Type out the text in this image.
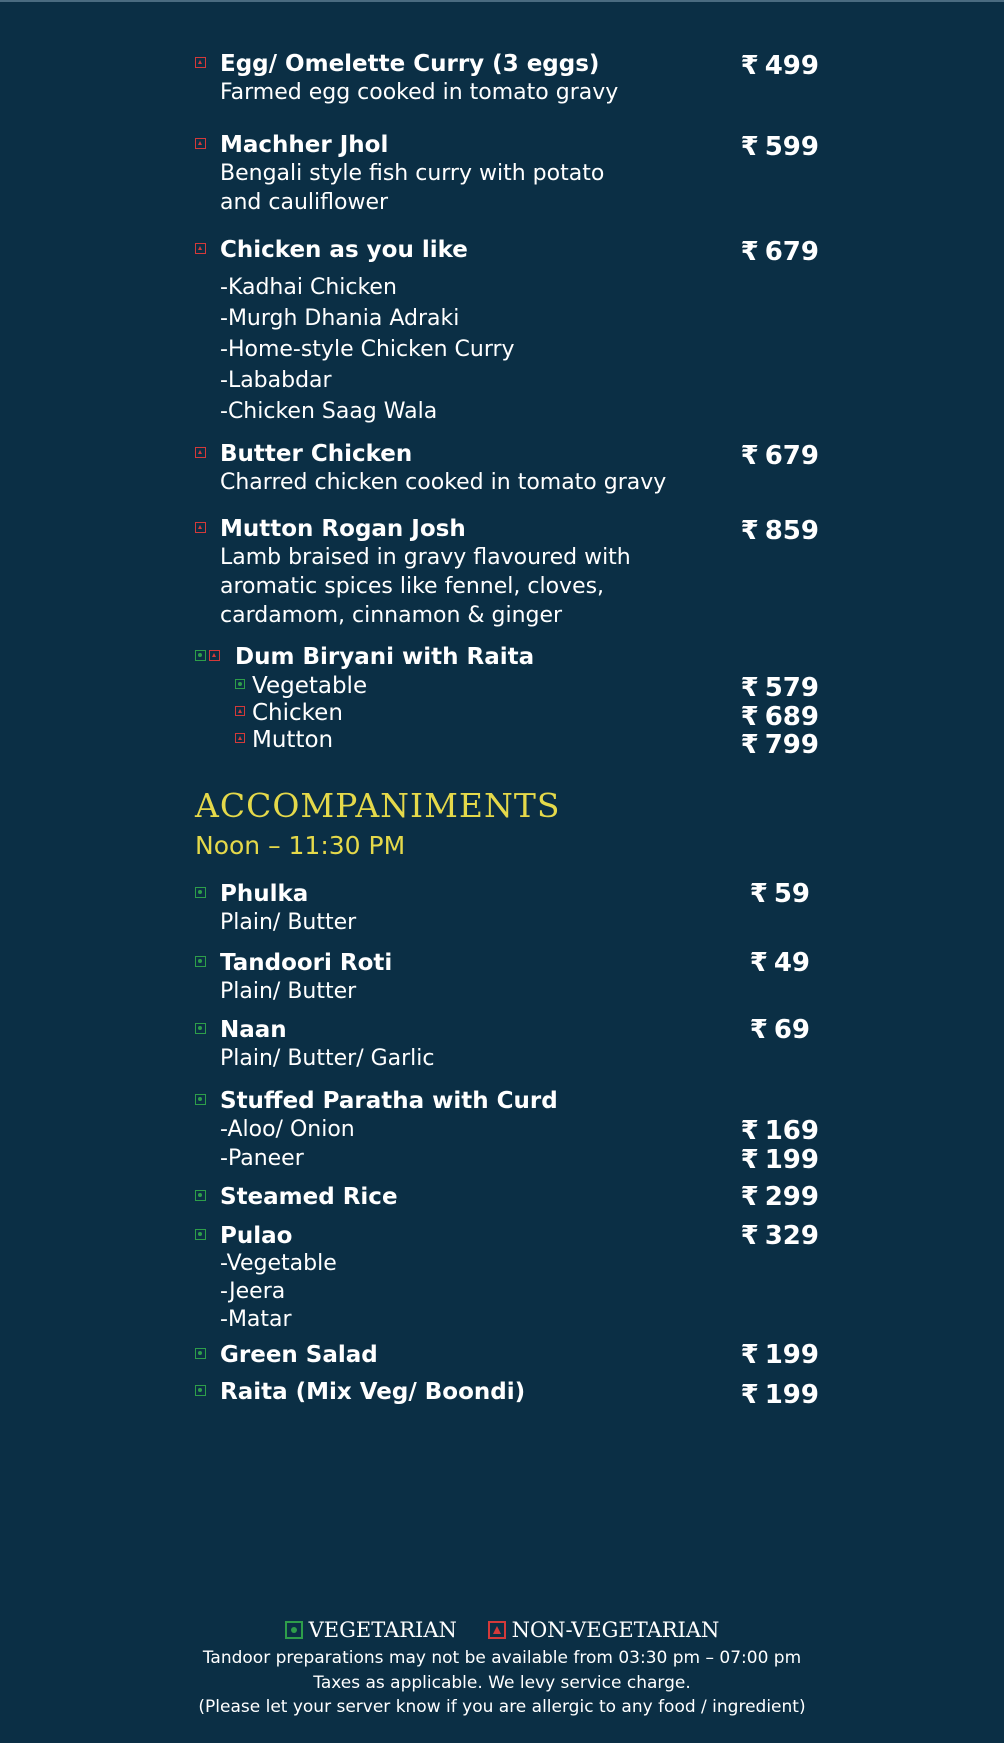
Egg/ Omelette Curry (3 eggs)
Farmed egg cooked in tomato gravy
₹ 499
Machher Jhol
Bengali style fish curry with potato
and cauliflower
₹ 599
Chicken as you like
-Kadhai Chicken
-Murgh Dhania Adraki
-Home-style Chicken Curry
-Lababdar
-Chicken Saag Wala
₹ 679
Butter Chicken
Charred chicken cooked in tomato gravy
₹ 679
Mutton Rogan Josh
Lamb braised in gravy flavoured with
aromatic spices like fennel, cloves,
cardamom, cinnamon & ginger
₹ 859
Dum Biryani with Raita
Vegetable	₹ 579
Chicken	₹ 689
Mutton	₹ 799
ACCOMPANIMENTS
Noon – 11:30 PM
Phulka
Plain/ Butter
₹ 59
Tandoori Roti
Plain/ Butter
₹ 49
Naan
Plain/ Butter/ Garlic
₹ 69
Stuffed Paratha with Curd
-Aloo/ Onion
-Paneer
₹ 169
₹ 199
Steamed Rice	₹ 299
Pulao
-Vegetable
-Jeera
-Matar
₹ 329
Green Salad	₹ 199
Raita (Mix Veg/ Boondi)	₹ 199
VEGETARIAN
	NON-VEGETARIAN
Tandoor preparations may not be available from 03:30 pm – 07:00 pm
Taxes as applicable. We levy service charge.
(Please let your server know if you are allergic to any food / ingredient)
